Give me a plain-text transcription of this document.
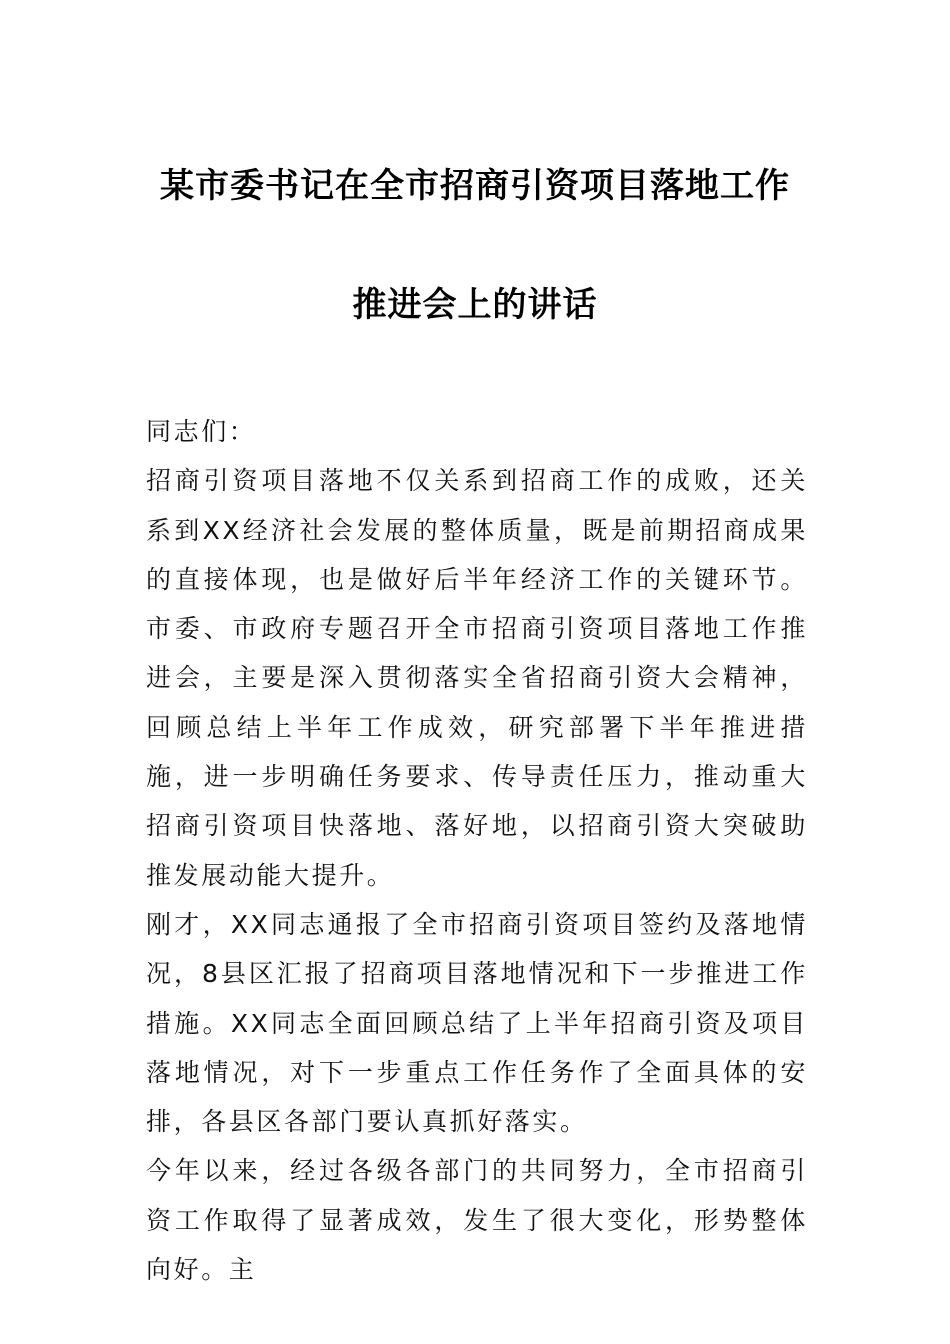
某市委书记在全市招商引资项目落地工作
推进会上的讲话

同志们：

招商引资项目落地不仅关系到招商工作的成败，还关系到XX经济社会发展的整体质量，既是前期招商成果的直接体现，也是做好后半年经济工作的关键环节。市委、市政府专题召开全市招商引资项目落地工作推进会，主要是深入贯彻落实全省招商引资大会精神，回顾总结上半年工作成效，研究部署下半年推进措施，进一步明确任务要求、传导责任压力，推动重大招商引资项目快落地、落好地，以招商引资大突破助推发展动能大提升。

刚才，XX同志通报了全市招商引资项目签约及落地情况，8县区汇报了招商项目落地情况和下一步推进工作措施。XX同志全面回顾总结了上半年招商引资及项目落地情况，对下一步重点工作任务作了全面具体的安排，各县区各部门要认真抓好落实。

今年以来，经过各级各部门的共同努力，全市招商引资工作取得了显著成效，发生了很大变化，形势整体向好。主
